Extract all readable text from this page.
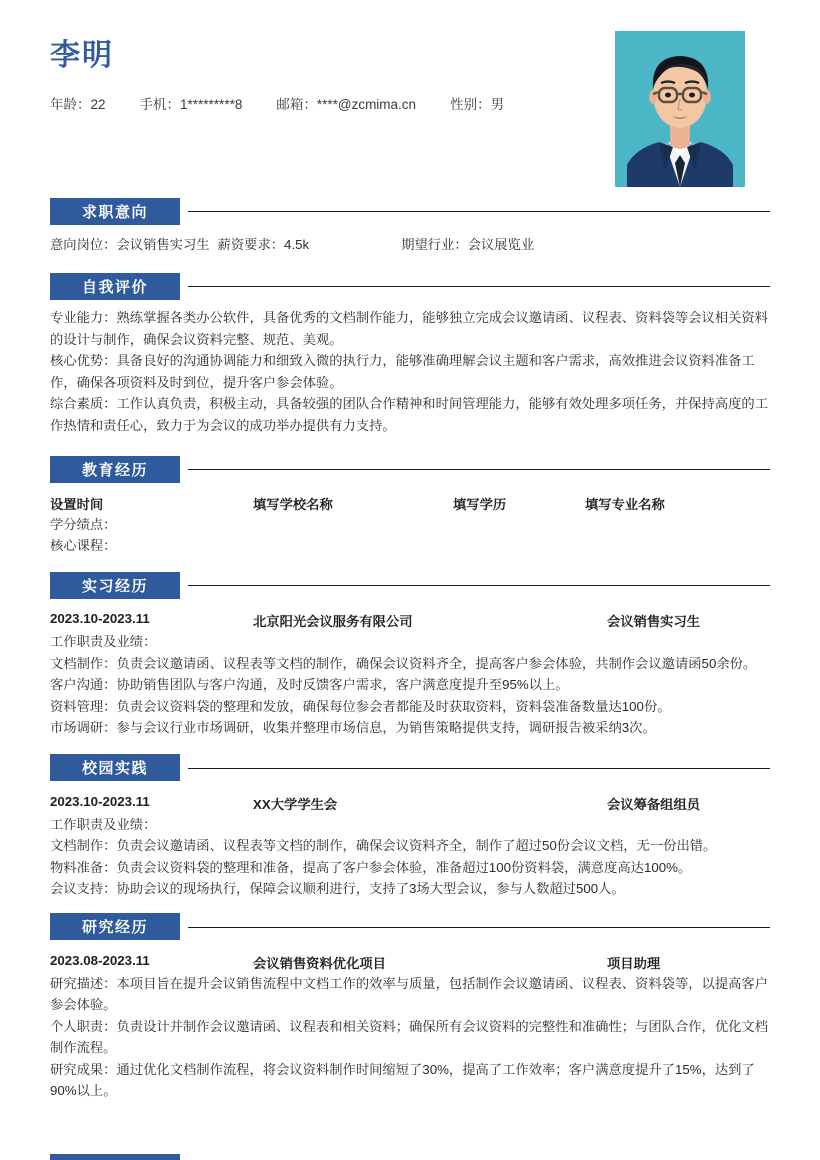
李明
年龄：22	手机：1*********8	邮箱：****@zcmima.cn	性别：男
求职意向
意向岗位：会议销售实习生 薪资要求：4.5k	期望行业：会议展览业
自我评价

专业能力：熟练掌握各类办公软件，具备优秀的文档制作能力，能够独立完成会议邀请函、议程表、资料袋等会议相关资料的设计与制作，确保会议资料完整、规范、美观。

核心优势：具备良好的沟通协调能力和细致入微的执行力，能够准确理解会议主题和客户需求，高效推进会议资料准备工作，确保各项资料及时到位，提升客户参会体验。

综合素质：工作认真负责，积极主动，具备较强的团队合作精神和时间管理能力，能够有效处理多项任务，并保持高度的工作热情和责任心，致力于为会议的成功举办提供有力支持。

教育经历
设置时间	填写学校名称	填写学历	填写专业名称

学分绩点：

核心课程：

实习经历
2023.10-2023.11	北京阳光会议服务有限公司	会议销售实习生

工作职责及业绩：

文档制作：负责会议邀请函、议程表等文档的制作，确保会议资料齐全，提高客户参会体验，共制作会议邀请函50余份。

客户沟通：协助销售团队与客户沟通，及时反馈客户需求，客户满意度提升至95%以上。

资料管理：负责会议资料袋的整理和发放，确保每位参会者都能及时获取资料，资料袋准备数量达100份。

市场调研：参与会议行业市场调研，收集并整理市场信息，为销售策略提供支持，调研报告被采纳3次。

校园实践
2023.10-2023.11	XX大学学生会	会议筹备组组员

工作职责及业绩：

文档制作：负责会议邀请函、议程表等文档的制作，确保会议资料齐全，制作了超过50份会议文档，无一份出错。

物料准备：负责会议资料袋的整理和准备，提高了客户参会体验，准备超过100份资料袋，满意度高达100%。

会议支持：协助会议的现场执行，保障会议顺利进行，支持了3场大型会议，参与人数超过500人。

研究经历
2023.08-2023.11	会议销售资料优化项目	项目助理

研究描述：本项目旨在提升会议销售流程中文档工作的效率与质量，包括制作会议邀请函、议程表、资料袋等，以提高客户参会体验。

个人职责：负责设计并制作会议邀请函、议程表和相关资料；确保所有会议资料的完整性和准确性；与团队合作，优化文档制作流程。

研究成果：通过优化文档制作流程，将会议资料制作时间缩短了30%，提高了工作效率；客户满意度提升了15%，达到了90%以上。
